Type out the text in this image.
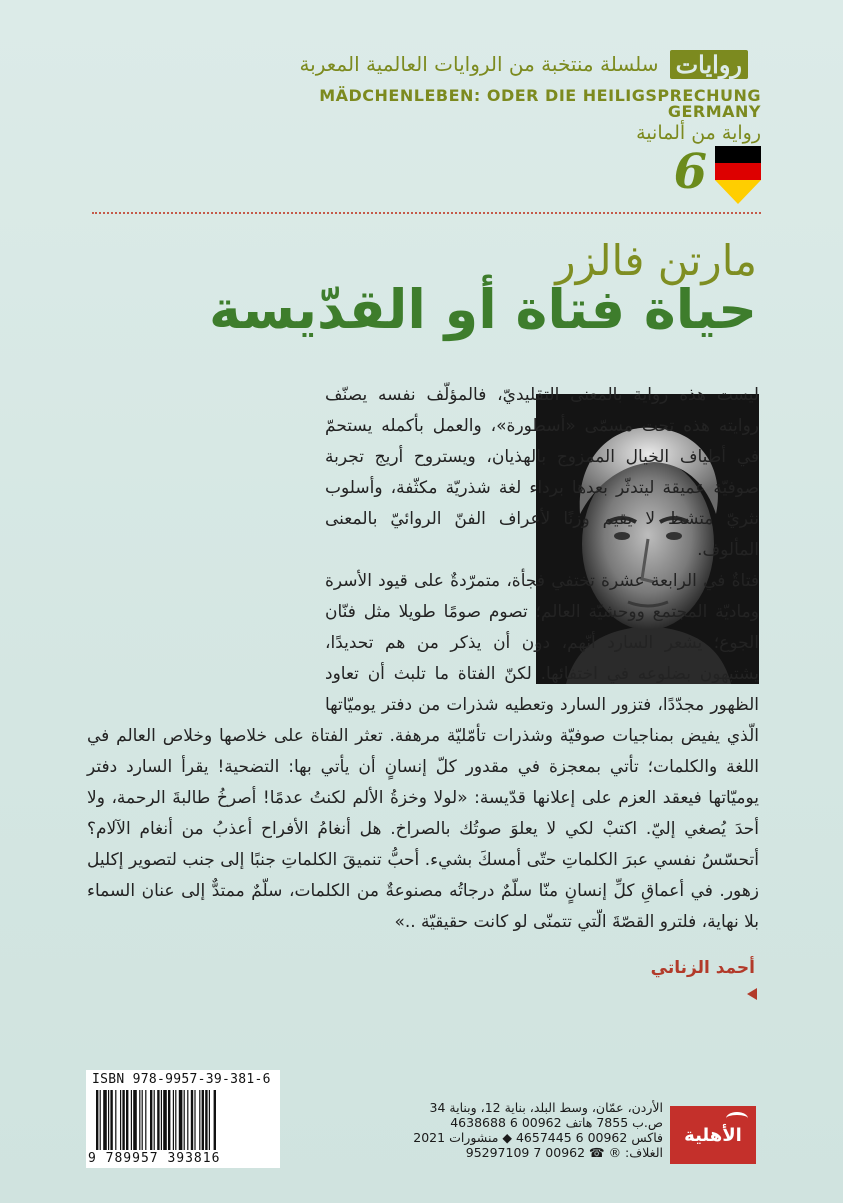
سلسلة منتخبة من الروايات العالمية المعربة روايات
MÄDCHENLEBEN: ODER DIE HEILIGSPRECHUNG
GERMANY
رواية من ألمانية
6
مارتن فالزر
حياة فتاة أو القدّيسة

ليست هذه رواية بالمعنى التقليديّ، فالمؤلّف نفسه يصنّف روايته هذه تحت مسمّى «أسطورة»، والعمل بأكمله يستحمّ في أطياف الخيال الممزوج بالهذيان، ويستروح أريج تجربة صوفيّة عميقة ليتدثّر بعدها برداء لغة شذريّة مكثّفة، وأسلوب نثريّ متشظ لا يقيم وزنًا لأعراف الفنّ الروائيّ بالمعنى المألوف.

فتاةٌ في الرابعة عشرة تختفي فجأة، متمرّدةٌ على قيود الأسرة وماديّة المجتمع ووحشيّة العالم؛ تصوم صومًا طويلا مثل فنّان الجوع؛ يشعر السارد أنّهم، دون أن يذكر من هم تحديدًا، يشتبهون بضلوعه في اختفائها. لكنّ الفتاة ما تلبث أن تعاود الظهور مجدّدًا، فتزور السارد وتعطيه شذرات من دفتر يوميّاتها الّذي يفيض بمناجيات صوفيّة وشذرات تأمّليّة مرهفة. تعثر الفتاة على خلاصها وخلاص العالم في اللغة والكلمات؛ تأتي بمعجزة في مقدور كلّ إنسانٍ أن يأتي بها: التضحية! يقرأ السارد دفتر يوميّاتها فيعقد العزم على إعلانها قدّيسة: «لولا وخزةُ الألم لكنتُ عدمًا! أصرخُ طالبةَ الرحمة، ولا أحدَ يُصغي إليّ. اكتبْ لكي لا يعلوَ صوتُك بالصراخ. هل أنغامُ الأفراح أعذبُ من أنغام الآلام؟ أتحسّسُ نفسي عبرَ الكلماتِ حتّى أمسكَ بشيء. أحبُّ تنميقَ الكلماتِ جنبًا إلى جنب لتصوير إكليل زهور. في أعماقِ كلِّ إنسانٍ منّا سلّمٌ درجاتُه مصنوعةٌ من الكلمات، سلّمٌ ممتدٌّ إلى عنان السماء بلا نهاية، فلترو القصّةَ الّتي تتمنّى لو كانت حقيقيّة ..»

أحمد الزناتي
ISBN 978-9957-39-381-6
9 789957 393816
الأردن، عمّان، وسط البلد، بناية 12، وبناية 34
ص.ب 7855 هاتف 00962 6 4638688
فاكس 00962 6 4657445 ◆ منشورات 2021
الغلاف: ® ☎ 00962 7 95297109
الأهلية
